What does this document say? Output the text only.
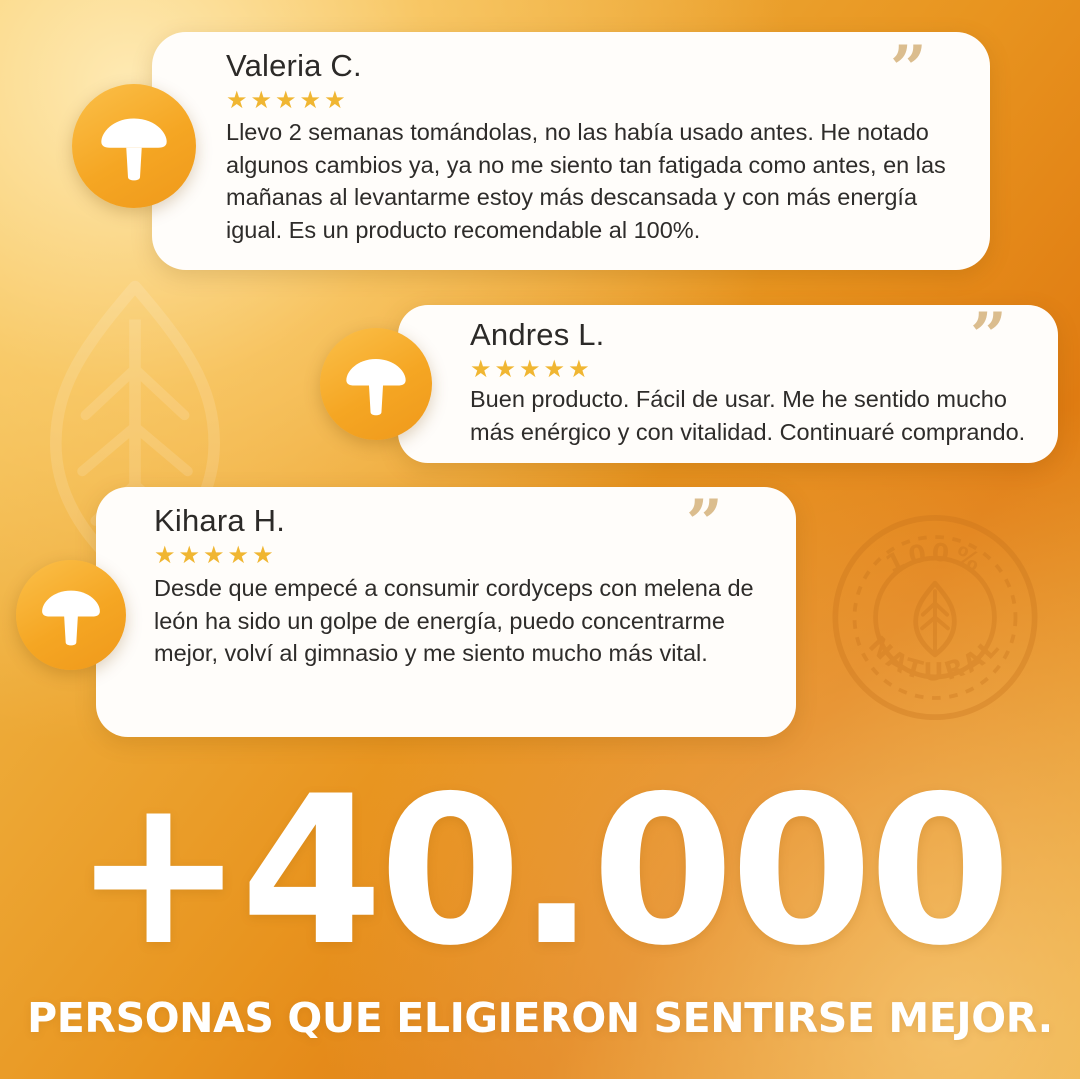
100%
NATURAL
Valeria C.
★★★★★
Llevo 2 semanas tomándolas, no las había usado antes. He notado algunos cambios ya, ya no me siento tan fatigada como antes, en las mañanas al levantarme estoy más descansada y con más energía igual. Es un producto recomendable al 100%.
”
Andres L.
★★★★★
Buen producto. Fácil de usar. Me he sentido mucho más enérgico y con vitalidad. Continuaré comprando.
”
Kihara H.
★★★★★
Desde que empecé a consumir cordyceps con melena de león ha sido un golpe de energía, puedo concentrarme mejor, volví al gimnasio y me siento mucho más vital.
”
+40.000
PERSONAS QUE ELIGIERON SENTIRSE MEJOR.
